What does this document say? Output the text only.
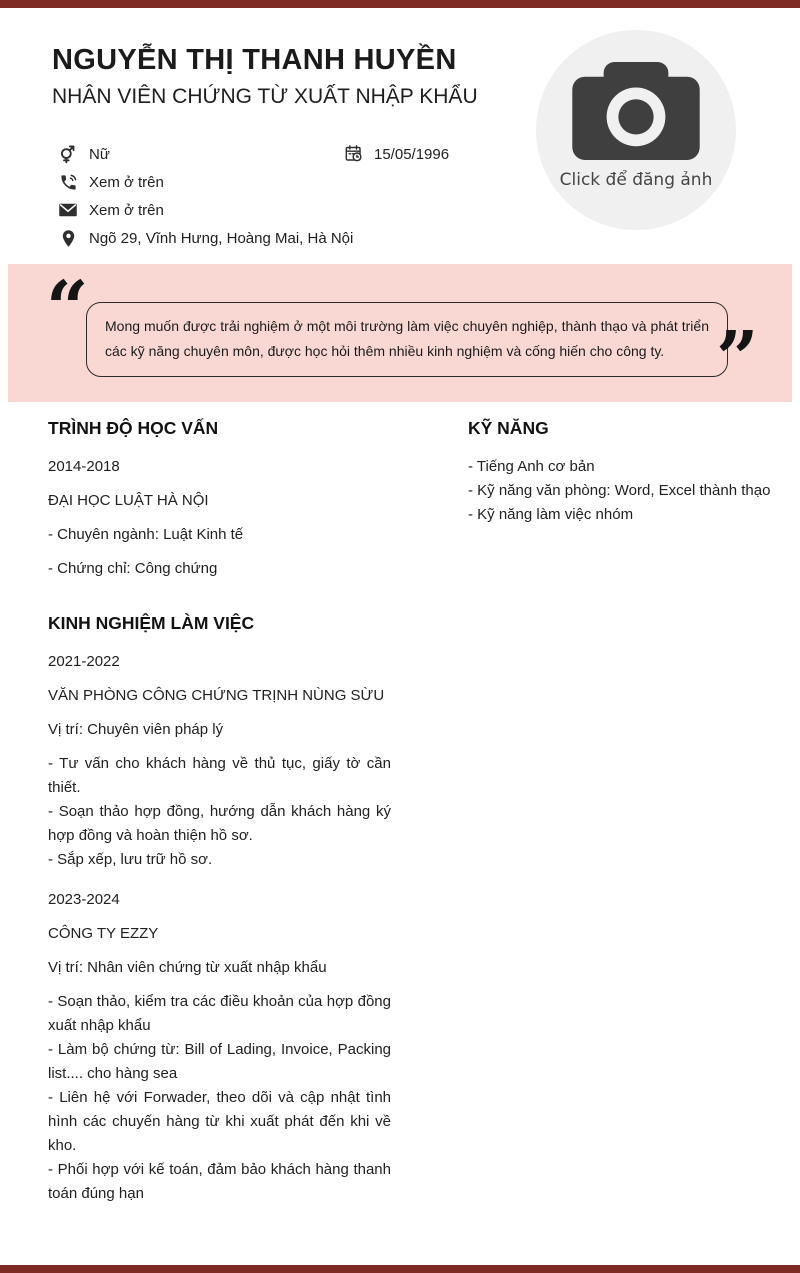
NGUYỄN THỊ THANH HUYỀN
NHÂN VIÊN CHỨNG TỪ XUẤT NHẬP KHẨU
Nữ
Xem ở trên
Xem ở trên
Ngõ 29, Vĩnh Hưng, Hoàng Mai, Hà Nội
15/05/1996
Click để đăng ảnh
“ Mong muốn được trải nghiệm ở một môi trường làm việc chuyên nghiệp, thành thạo và phát triển các kỹ năng chuyên môn, được học hỏi thêm nhiều kinh nghiệm và cống hiến cho công ty. ”
TRÌNH ĐỘ HỌC VẤN
2014-2018
ĐẠI HỌC LUẬT HÀ NỘI
- Chuyên ngành: Luật Kinh tế
- Chứng chỉ: Công chứng
KINH NGHIỆM LÀM VIỆC
2021-2022
VĂN PHÒNG CÔNG CHỨNG TRỊNH NÙNG SỪU
Vị trí: Chuyên viên pháp lý
- Tư vấn cho khách hàng về thủ tục, giấy tờ cần thiết.
- Soạn thảo hợp đồng, hướng dẫn khách hàng ký hợp đồng và hoàn thiện hồ sơ.
- Sắp xếp, lưu trữ hồ sơ.
2023-2024
CÔNG TY EZZY
Vị trí: Nhân viên chứng từ xuất nhập khẩu
- Soạn thảo, kiểm tra các điều khoản của hợp đồng xuất nhập khẩu
- Làm bộ chứng từ: Bill of Lading, Invoice, Packing list.... cho hàng sea
- Liên hệ với Forwader, theo dõi và cập nhật tình hình các chuyến hàng từ khi xuất phát đến khi về kho.
- Phối hợp với kế toán, đảm bảo khách hàng thanh toán đúng hạn
KỸ NĂNG
- Tiếng Anh cơ bản
- Kỹ năng văn phòng: Word, Excel thành thạo
- Kỹ năng làm việc nhóm
